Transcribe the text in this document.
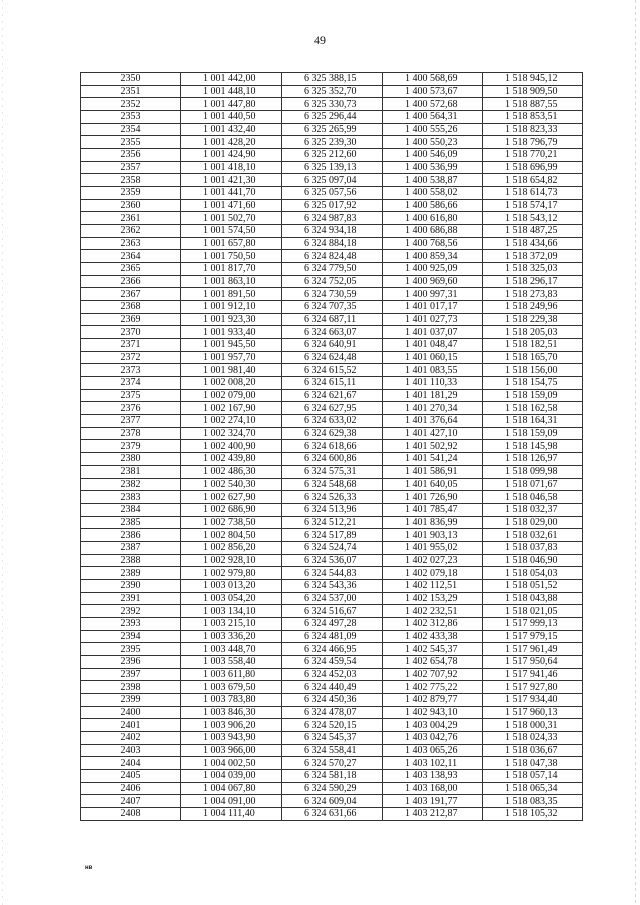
49
2350	1 001 442,00	6 325 388,15	1 400 568,69	1 518 945,12
2351	1 001 448,10	6 325 352,70	1 400 573,67	1 518 909,50
2352	1 001 447,80	6 325 330,73	1 400 572,68	1 518 887,55
2353	1 001 440,50	6 325 296,44	1 400 564,31	1 518 853,51
2354	1 001 432,40	6 325 265,99	1 400 555,26	1 518 823,33
2355	1 001 428,20	6 325 239,30	1 400 550,23	1 518 796,79
2356	1 001 424,90	6 325 212,60	1 400 546,09	1 518 770,21
2357	1 001 418,10	6 325 139,13	1 400 536,99	1 518 696,99
2358	1 001 421,30	6 325 097,04	1 400 538,87	1 518 654,82
2359	1 001 441,70	6 325 057,56	1 400 558,02	1 518 614,73
2360	1 001 471,60	6 325 017,92	1 400 586,66	1 518 574,17
2361	1 001 502,70	6 324 987,83	1 400 616,80	1 518 543,12
2362	1 001 574,50	6 324 934,18	1 400 686,88	1 518 487,25
2363	1 001 657,80	6 324 884,18	1 400 768,56	1 518 434,66
2364	1 001 750,50	6 324 824,48	1 400 859,34	1 518 372,09
2365	1 001 817,70	6 324 779,50	1 400 925,09	1 518 325,03
2366	1 001 863,10	6 324 752,05	1 400 969,60	1 518 296,17
2367	1 001 891,50	6 324 730,59	1 400 997,31	1 518 273,83
2368	1 001 912,10	6 324 707,35	1 401 017,17	1 518 249,96
2369	1 001 923,30	6 324 687,11	1 401 027,73	1 518 229,38
2370	1 001 933,40	6 324 663,07	1 401 037,07	1 518 205,03
2371	1 001 945,50	6 324 640,91	1 401 048,47	1 518 182,51
2372	1 001 957,70	6 324 624,48	1 401 060,15	1 518 165,70
2373	1 001 981,40	6 324 615,52	1 401 083,55	1 518 156,00
2374	1 002 008,20	6 324 615,11	1 401 110,33	1 518 154,75
2375	1 002 079,00	6 324 621,67	1 401 181,29	1 518 159,09
2376	1 002 167,90	6 324 627,95	1 401 270,34	1 518 162,58
2377	1 002 274,10	6 324 633,02	1 401 376,64	1 518 164,31
2378	1 002 324,70	6 324 629,38	1 401 427,10	1 518 159,09
2379	1 002 400,90	6 324 618,66	1 401 502,92	1 518 145,98
2380	1 002 439,80	6 324 600,86	1 401 541,24	1 518 126,97
2381	1 002 486,30	6 324 575,31	1 401 586,91	1 518 099,98
2382	1 002 540,30	6 324 548,68	1 401 640,05	1 518 071,67
2383	1 002 627,90	6 324 526,33	1 401 726,90	1 518 046,58
2384	1 002 686,90	6 324 513,96	1 401 785,47	1 518 032,37
2385	1 002 738,50	6 324 512,21	1 401 836,99	1 518 029,00
2386	1 002 804,50	6 324 517,89	1 401 903,13	1 518 032,61
2387	1 002 856,20	6 324 524,74	1 401 955,02	1 518 037,83
2388	1 002 928,10	6 324 536,07	1 402 027,23	1 518 046,90
2389	1 002 979,80	6 324 544,83	1 402 079,18	1 518 054,03
2390	1 003 013,20	6 324 543,36	1 402 112,51	1 518 051,52
2391	1 003 054,20	6 324 537,00	1 402 153,29	1 518 043,88
2392	1 003 134,10	6 324 516,67	1 402 232,51	1 518 021,05
2393	1 003 215,10	6 324 497,28	1 402 312,86	1 517 999,13
2394	1 003 336,20	6 324 481,09	1 402 433,38	1 517 979,15
2395	1 003 448,70	6 324 466,95	1 402 545,37	1 517 961,49
2396	1 003 558,40	6 324 459,54	1 402 654,78	1 517 950,64
2397	1 003 611,80	6 324 452,03	1 402 707,92	1 517 941,46
2398	1 003 679,50	6 324 440,49	1 402 775,22	1 517 927,80
2399	1 003 783,80	6 324 450,36	1 402 879,77	1 517 934,40
2400	1 003 846,30	6 324 478,07	1 402 943,10	1 517 960,13
2401	1 003 906,20	6 324 520,15	1 403 004,29	1 518 000,31
2402	1 003 943,90	6 324 545,37	1 403 042,76	1 518 024,33
2403	1 003 966,00	6 324 558,41	1 403 065,26	1 518 036,67
2404	1 004 002,50	6 324 570,27	1 403 102,11	1 518 047,38
2405	1 004 039,00	6 324 581,18	1 403 138,93	1 518 057,14
2406	1 004 067,80	6 324 590,29	1 403 168,00	1 518 065,34
2407	1 004 091,00	6 324 609,04	1 403 191,77	1 518 083,35
2408	1 004 111,40	6 324 631,66	1 403 212,87	1 518 105,32
нв
